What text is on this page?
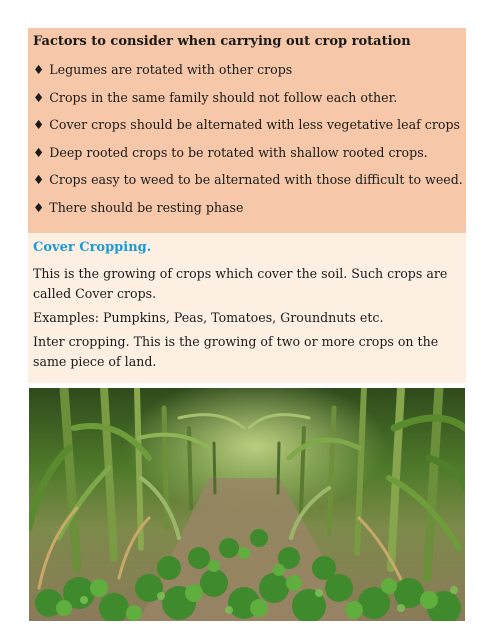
Factors to consider when carrying out crop rotation

♦ Legumes are rotated with other crops
♦ Crops in the same family should not follow each other.
♦ Cover crops should be alternated with less vegetative leaf crops
♦ Deep rooted crops to be rotated with shallow rooted crops.
♦ Crops easy to weed to be alternated with those difficult to weed.
♦ There should be resting phase

Cover Cropping.

This is the growing of crops which cover the soil. Such crops are called Cover crops.

Examples: Pumpkins, Peas, Tomatoes, Groundnuts etc.

Inter cropping. This is the growing of two or more crops on the same piece of land.
